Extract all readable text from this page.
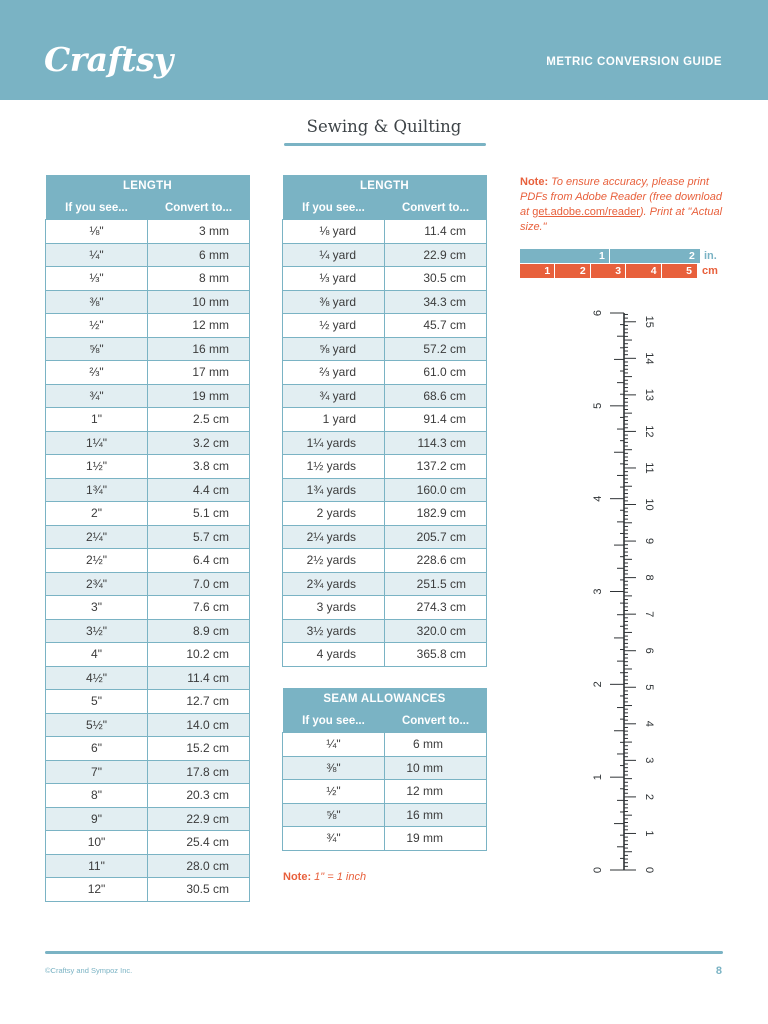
Craftsy	METRIC CONVERSION GUIDE
Sewing & Quilting
LENGTH	
If you see...	Convert to...
⅛"	3 mm
¼"	6 mm
⅓"	8 mm
⅜"	10 mm
½"	12 mm
⅝"	16 mm
⅔"	17 mm
¾"	19 mm
1"	2.5 cm
1¼"	3.2 cm
1½"	3.8 cm
1¾"	4.4 cm
2"	5.1 cm
2¼"	5.7 cm
2½"	6.4 cm
2¾"	7.0 cm
3"	7.6 cm
3½"	8.9 cm
4"	10.2 cm
4½"	11.4 cm
5"	12.7 cm
5½"	14.0 cm
6"	15.2 cm
7"	17.8 cm
8"	20.3 cm
9"	22.9 cm
10"	25.4 cm
11"	28.0 cm
12"	30.5 cm
LENGTH	
If you see...	Convert to...
⅛ yard	11.4 cm
¼ yard	22.9 cm
⅓ yard	30.5 cm
⅜ yard	34.3 cm
½ yard	45.7 cm
⅝ yard	57.2 cm
⅔ yard	61.0 cm
¾ yard	68.6 cm
1 yard	91.4 cm
1¼ yards	114.3 cm
1½ yards	137.2 cm
1¾ yards	160.0 cm
2 yards	182.9 cm
2¼ yards	205.7 cm
2½ yards	228.6 cm
2¾ yards	251.5 cm
3 yards	274.3 cm
3½ yards	320.0 cm
4 yards	365.8 cm
SEAM ALLOWANCES	
If you see...	Convert to...
¼"	6 mm
⅜"	10 mm
½"	12 mm
⅝"	16 mm
¾"	19 mm
Note: To ensure accuracy, please print PDFs from Adobe Reader (free download at get.adobe.com/reader). Print at "Actual size."
Note: 1" = 1 inch
1	2 in.
1	2	3	4	5 cm
0
1
2
3
4
5
6
0
1
2
3
4
5
6
7
8
9
10
11
12
13
14
15
©Craftsy and Sympoz Inc.	8
